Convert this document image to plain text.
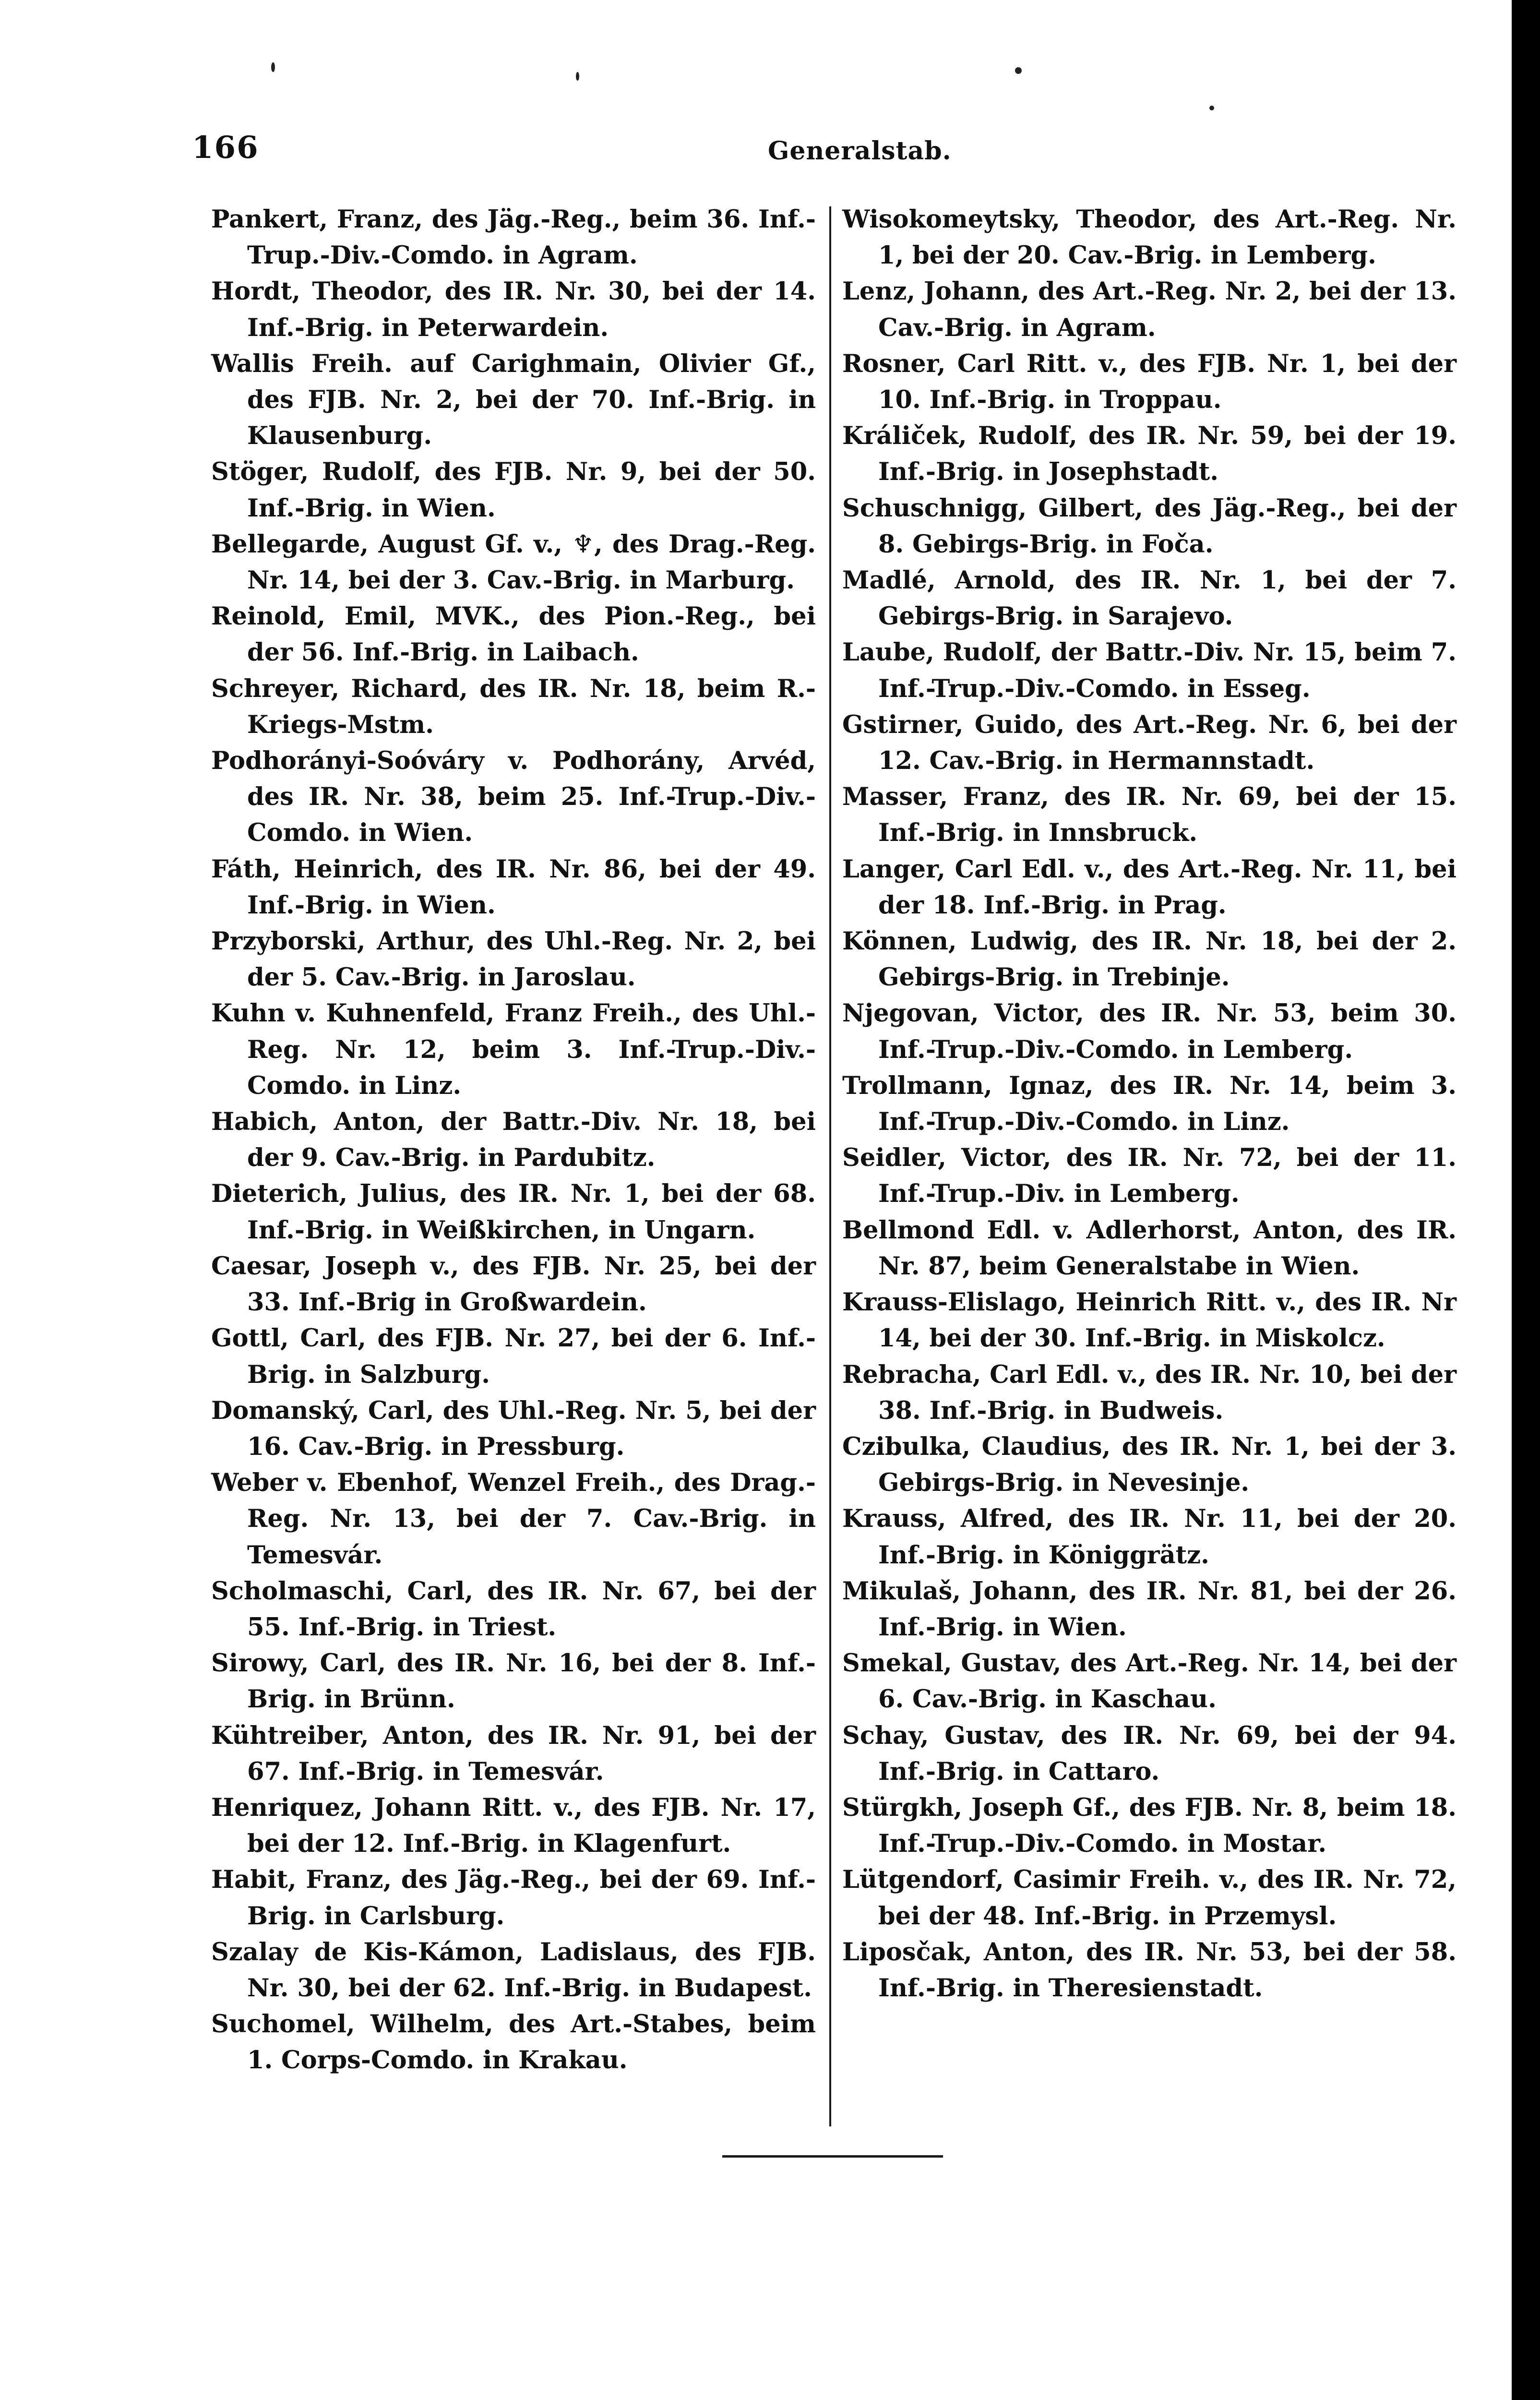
166	Generalstab.

Pankert, Franz, des Jäg.-Reg., beim 36. Inf.-Trup.-Div.-Comdo. in Agram.

Hordt, Theodor, des IR. Nr. 30, bei der 14. Inf.-Brig. in Peterwardein.

Wallis Freih. auf Carighmain, Olivier Gf., des FJB. Nr. 2, bei der 70. Inf.-Brig. in Klausenburg.

Stöger, Rudolf, des FJB. Nr. 9, bei der 50. Inf.-Brig. in Wien.

Bellegarde, August Gf. v., ♆, des Drag.-Reg. Nr. 14, bei der 3. Cav.-Brig. in Marburg.

Reinold, Emil, MVK., des Pion.-Reg., bei der 56. Inf.-Brig. in Laibach.

Schreyer, Richard, des IR. Nr. 18, beim R.-Kriegs-Mstm.

Podhorányi-Soóváry v. Podhorány, Arvéd, des IR. Nr. 38, beim 25. Inf.-Trup.-Div.-Comdo. in Wien.

Fáth, Heinrich, des IR. Nr. 86, bei der 49. Inf.-Brig. in Wien.

Przyborski, Arthur, des Uhl.-Reg. Nr. 2, bei der 5. Cav.-Brig. in Jaroslau.

Kuhn v. Kuhnenfeld, Franz Freih., des Uhl.-Reg. Nr. 12, beim 3. Inf.-Trup.-Div.-Comdo. in Linz.

Habich, Anton, der Battr.-Div. Nr. 18, bei der 9. Cav.-Brig. in Pardubitz.

Dieterich, Julius, des IR. Nr. 1, bei der 68. Inf.-Brig. in Weißkirchen, in Ungarn.

Caesar, Joseph v., des FJB. Nr. 25, bei der 33. Inf.-Brig in Großwardein.

Gottl, Carl, des FJB. Nr. 27, bei der 6. Inf.-Brig. in Salzburg.

Domanský, Carl, des Uhl.-Reg. Nr. 5, bei der 16. Cav.-Brig. in Pressburg.

Weber v. Ebenhof, Wenzel Freih., des Drag.-Reg. Nr. 13, bei der 7. Cav.-Brig. in Temesvár.

Scholmaschi, Carl, des IR. Nr. 67, bei der 55. Inf.-Brig. in Triest.

Sirowy, Carl, des IR. Nr. 16, bei der 8. Inf.-Brig. in Brünn.

Kühtreiber, Anton, des IR. Nr. 91, bei der 67. Inf.-Brig. in Temesvár.

Henriquez, Johann Ritt. v., des FJB. Nr. 17, bei der 12. Inf.-Brig. in Klagenfurt.

Habit, Franz, des Jäg.-Reg., bei der 69. Inf.-Brig. in Carlsburg.

Szalay de Kis-Kámon, Ladislaus, des FJB. Nr. 30, bei der 62. Inf.-Brig. in Budapest.

Suchomel, Wilhelm, des Art.-Stabes, beim 1. Corps-Comdo. in Krakau.

Wisokomeytsky, Theodor, des Art.-Reg. Nr. 1, bei der 20. Cav.-Brig. in Lemberg.

Lenz, Johann, des Art.-Reg. Nr. 2, bei der 13. Cav.-Brig. in Agram.

Rosner, Carl Ritt. v., des FJB. Nr. 1, bei der 10. Inf.-Brig. in Troppau.

Králiček, Rudolf, des IR. Nr. 59, bei der 19. Inf.-Brig. in Josephstadt.

Schuschnigg, Gilbert, des Jäg.-Reg., bei der 8. Gebirgs-Brig. in Foča.

Madlé, Arnold, des IR. Nr. 1, bei der 7. Gebirgs-Brig. in Sarajevo.

Laube, Rudolf, der Battr.-Div. Nr. 15, beim 7. Inf.-Trup.-Div.-Comdo. in Esseg.

Gstirner, Guido, des Art.-Reg. Nr. 6, bei der 12. Cav.-Brig. in Hermannstadt.

Masser, Franz, des IR. Nr. 69, bei der 15. Inf.-Brig. in Innsbruck.

Langer, Carl Edl. v., des Art.-Reg. Nr. 11, bei der 18. Inf.-Brig. in Prag.

Können, Ludwig, des IR. Nr. 18, bei der 2. Gebirgs-Brig. in Trebinje.

Njegovan, Victor, des IR. Nr. 53, beim 30. Inf.-Trup.-Div.-Comdo. in Lemberg.

Trollmann, Ignaz, des IR. Nr. 14, beim 3. Inf.-Trup.-Div.-Comdo. in Linz.

Seidler, Victor, des IR. Nr. 72, bei der 11. Inf.-Trup.-Div. in Lemberg.

Bellmond Edl. v. Adlerhorst, Anton, des IR. Nr. 87, beim Generalstabe in Wien.

Krauss-Elislago, Heinrich Ritt. v., des IR. Nr 14, bei der 30. Inf.-Brig. in Miskolcz.

Rebracha, Carl Edl. v., des IR. Nr. 10, bei der 38. Inf.-Brig. in Budweis.

Czibulka, Claudius, des IR. Nr. 1, bei der 3. Gebirgs-Brig. in Nevesinje.

Krauss, Alfred, des IR. Nr. 11, bei der 20. Inf.-Brig. in Königgrätz.

Mikulaš, Johann, des IR. Nr. 81, bei der 26. Inf.-Brig. in Wien.

Smekal, Gustav, des Art.-Reg. Nr. 14, bei der 6. Cav.-Brig. in Kaschau.

Schay, Gustav, des IR. Nr. 69, bei der 94. Inf.-Brig. in Cattaro.

Stürgkh, Joseph Gf., des FJB. Nr. 8, beim 18. Inf.-Trup.-Div.-Comdo. in Mostar.

Lütgendorf, Casimir Freih. v., des IR. Nr. 72, bei der 48. Inf.-Brig. in Przemysl.

Liposčak, Anton, des IR. Nr. 53, bei der 58. Inf.-Brig. in Theresienstadt.
